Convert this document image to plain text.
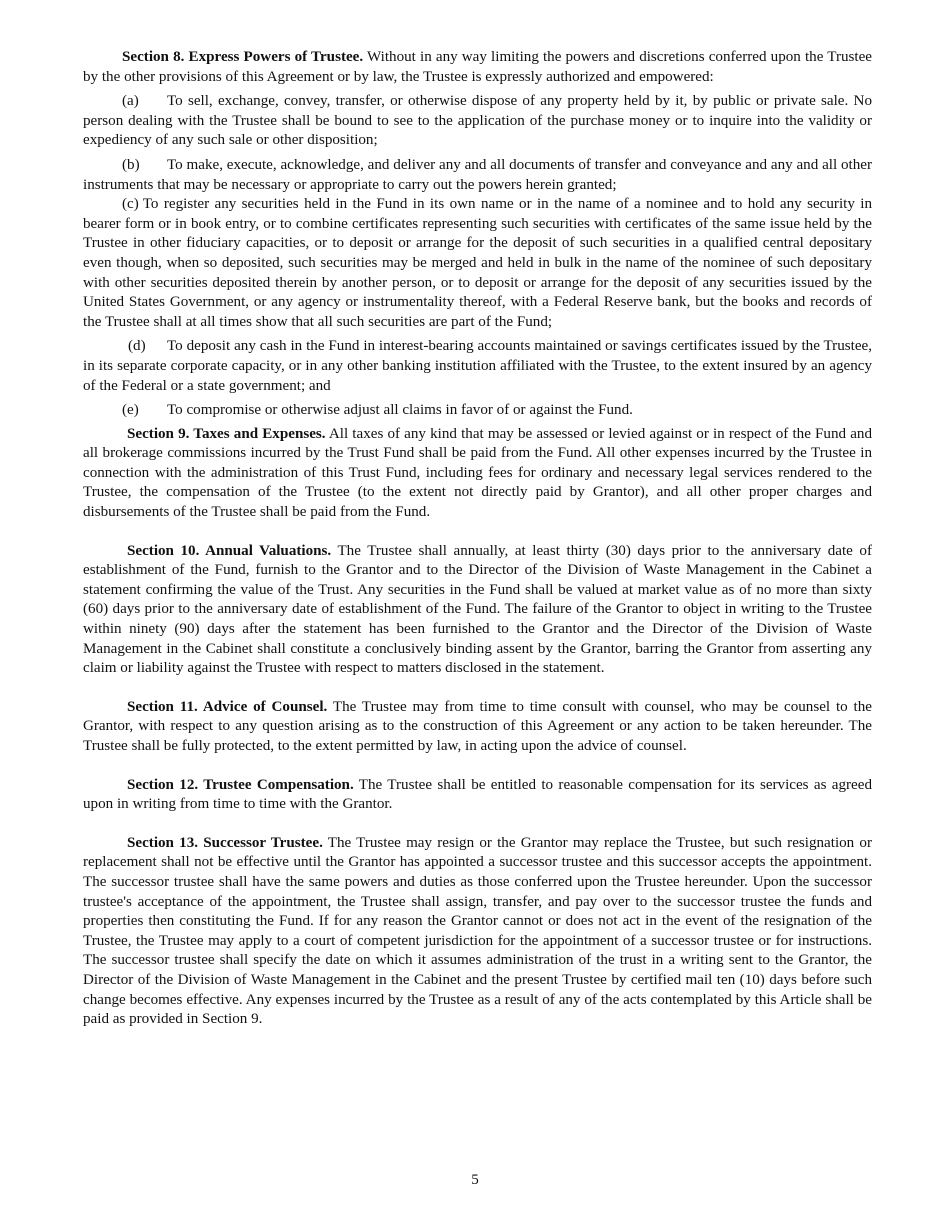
Section 8. Express Powers of Trustee. Without in any way limiting the powers and discretions conferred upon the Trustee by the other provisions of this Agreement or by law, the Trustee is expressly authorized and empowered:

(a) To sell, exchange, convey, transfer, or otherwise dispose of any property held by it, by public or private sale. No person dealing with the Trustee shall be bound to see to the application of the purchase money or to inquire into the validity or expediency of any such sale or other disposition;

(b) To make, execute, acknowledge, and deliver any and all documents of transfer and conveyance and any and all other instruments that may be necessary or appropriate to carry out the powers herein granted;

(c) To register any securities held in the Fund in its own name or in the name of a nominee and to hold any security in bearer form or in book entry, or to combine certificates representing such securities with certificates of the same issue held by the Trustee in other fiduciary capacities, or to deposit or arrange for the deposit of such securities in a qualified central depositary even though, when so deposited, such securities may be merged and held in bulk in the name of the nominee of such depositary with other securities deposited therein by another person, or to deposit or arrange for the deposit of any securities issued by the United States Government, or any agency or instrumentality thereof, with a Federal Reserve bank, but the books and records of the Trustee shall at all times show that all such securities are part of the Fund;

(d) To deposit any cash in the Fund in interest-bearing accounts maintained or savings certificates issued by the Trustee, in its separate corporate capacity, or in any other banking institution affiliated with the Trustee, to the extent insured by an agency of the Federal or a state government; and

(e) To compromise or otherwise adjust all claims in favor of or against the Fund.

Section 9. Taxes and Expenses. All taxes of any kind that may be assessed or levied against or in respect of the Fund and all brokerage commissions incurred by the Trust Fund shall be paid from the Fund. All other expenses incurred by the Trustee in connection with the administration of this Trust Fund, including fees for ordinary and necessary legal services rendered to the Trustee, the compensation of the Trustee (to the extent not directly paid by Grantor), and all other proper charges and disbursements of the Trustee shall be paid from the Fund.

Section 10. Annual Valuations. The Trustee shall annually, at least thirty (30) days prior to the anniversary date of establishment of the Fund, furnish to the Grantor and to the Director of the Division of Waste Management in the Cabinet a statement confirming the value of the Trust. Any securities in the Fund shall be valued at market value as of no more than sixty (60) days prior to the anniversary date of establishment of the Fund. The failure of the Grantor to object in writing to the Trustee within ninety (90) days after the statement has been furnished to the Grantor and the Director of the Division of Waste Management in the Cabinet shall constitute a conclusively binding assent by the Grantor, barring the Grantor from asserting any claim or liability against the Trustee with respect to matters disclosed in the statement.

Section 11. Advice of Counsel. The Trustee may from time to time consult with counsel, who may be counsel to the Grantor, with respect to any question arising as to the construction of this Agreement or any action to be taken hereunder. The Trustee shall be fully protected, to the extent permitted by law, in acting upon the advice of counsel.

Section 12. Trustee Compensation. The Trustee shall be entitled to reasonable compensation for its services as agreed upon in writing from time to time with the Grantor.

Section 13. Successor Trustee. The Trustee may resign or the Grantor may replace the Trustee, but such resignation or replacement shall not be effective until the Grantor has appointed a successor trustee and this successor accepts the appointment. The successor trustee shall have the same powers and duties as those conferred upon the Trustee hereunder. Upon the successor trustee's acceptance of the appointment, the Trustee shall assign, transfer, and pay over to the successor trustee the funds and properties then constituting the Fund. If for any reason the Grantor cannot or does not act in the event of the resignation of the Trustee, the Trustee may apply to a court of competent jurisdiction for the appointment of a successor trustee or for instructions. The successor trustee shall specify the date on which it assumes administration of the trust in a writing sent to the Grantor, the Director of the Division of Waste Management in the Cabinet and the present Trustee by certified mail ten (10) days before such change becomes effective. Any expenses incurred by the Trustee as a result of any of the acts contemplated by this Article shall be paid as provided in Section 9.

5
